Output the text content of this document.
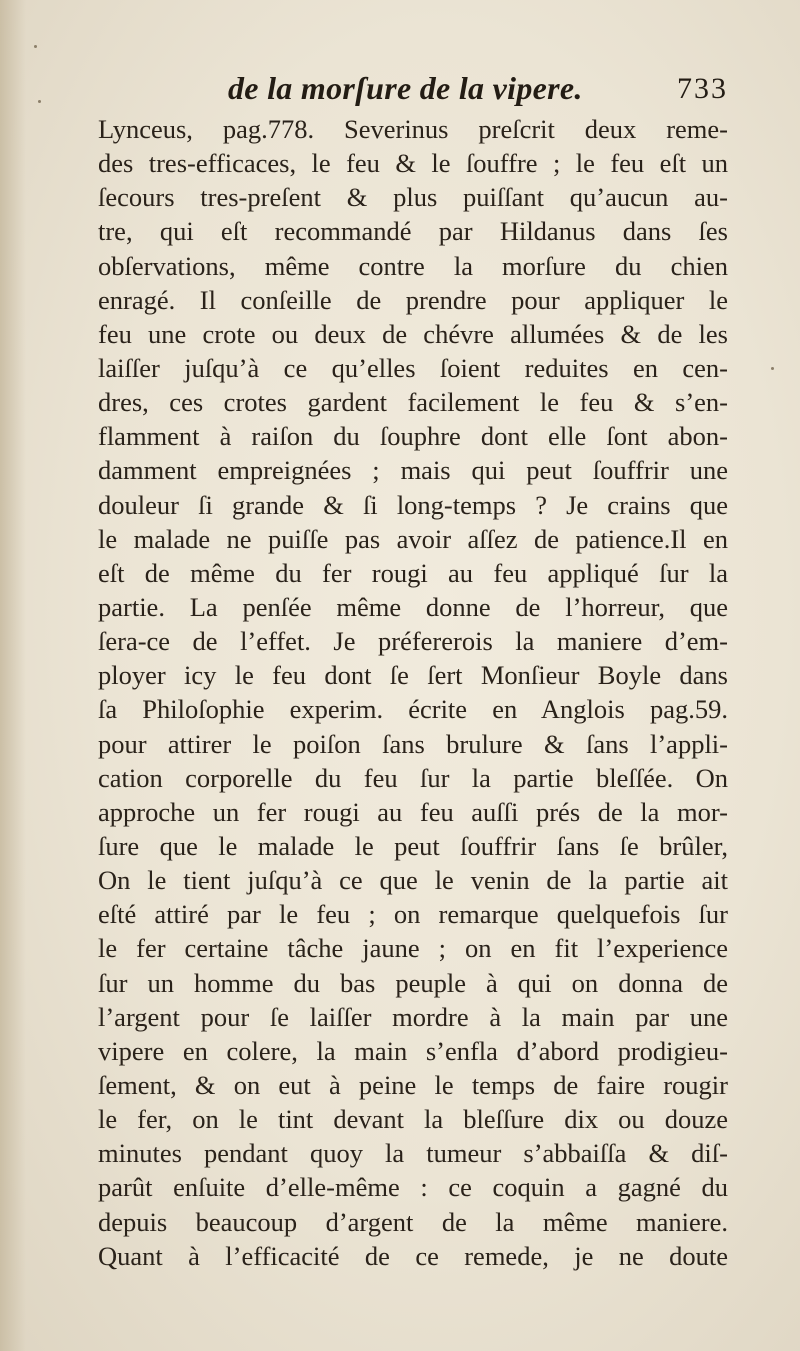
de la morſure de la vipere.	733
Lynceus, pag.778. Severinus preſcrit deux reme-
des tres-efficaces, le feu & le ſouffre ; le feu eſt un
ſecours tres-preſent & plus puiſſant qu’aucun au-
tre, qui eſt recommandé par Hildanus dans ſes
obſervations, même contre la morſure du chien
enragé. Il conſeille de prendre pour appliquer le
feu une crote ou deux de chévre allumées & de les
laiſſer juſqu’à ce qu’elles ſoient reduites en cen-
dres, ces crotes gardent facilement le feu & s’en-
flamment à raiſon du ſouphre dont elle ſont abon-
damment empreignées ; mais qui peut ſouffrir une
douleur ſi grande & ſi long-temps ? Je crains que
le malade ne puiſſe pas avoir aſſez de patience.Il en
eſt de même du fer rougi au feu appliqué ſur la
partie. La penſée même donne de l’horreur, que
ſera-ce de l’effet. Je préfererois la maniere d’em-
ployer icy le feu dont ſe ſert Monſieur Boyle dans
ſa Philoſophie experim. écrite en Anglois pag.59.
pour attirer le poiſon ſans brulure & ſans l’appli-
cation corporelle du feu ſur la partie bleſſée. On
approche un fer rougi au feu auſſi prés de la mor-
ſure que le malade le peut ſouffrir ſans ſe brûler,
On le tient juſqu’à ce que le venin de la partie ait
eſté attiré par le feu ; on remarque quelquefois ſur
le fer certaine tâche jaune ; on en fit l’experience
ſur un homme du bas peuple à qui on donna de
l’argent pour ſe laiſſer mordre à la main par une
vipere en colere, la main s’enfla d’abord prodigieu-
ſement, & on eut à peine le temps de faire rougir
le fer, on le tint devant la bleſſure dix ou douze
minutes pendant quoy la tumeur s’abbaiſſa & diſ-
parût enſuite d’elle-même : ce coquin a gagné du
depuis beaucoup d’argent de la même maniere.
Quant à l’efficacité de ce remede, je ne doute
